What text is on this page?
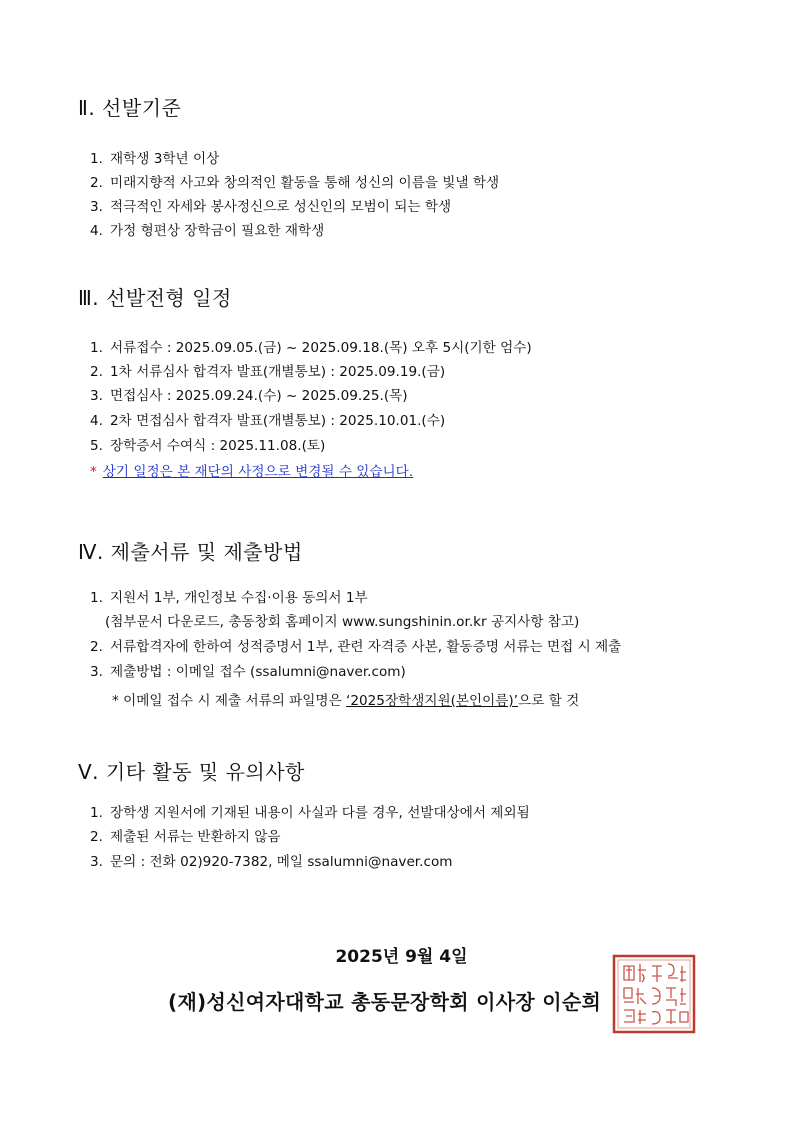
Ⅱ. 선발기준
1. 재학생 3학년 이상
2. 미래지향적 사고와 창의적인 활동을 통해 성신의 이름을 빛낼 학생
3. 적극적인 자세와 봉사정신으로 성신인의 모범이 되는 학생
4. 가정 형편상 장학금이 필요한 재학생
Ⅲ. 선발전형 일정
1. 서류접수 : 2025.09.05.(금) ~ 2025.09.18.(목) 오후 5시(기한 엄수)
2. 1차 서류심사 합격자 발표(개별통보) : 2025.09.19.(금)
3. 면접심사 : 2025.09.24.(수) ~ 2025.09.25.(목)
4. 2차 면접심사 합격자 발표(개별통보) : 2025.10.01.(수)
5. 장학증서 수여식 : 2025.11.08.(토)
* 상기 일정은 본 재단의 사정으로 변경될 수 있습니다.
Ⅳ. 제출서류 및 제출방법
1. 지원서 1부, 개인정보 수집·이용 동의서 1부
(첨부문서 다운로드, 총동창회 홈페이지 www.sungshinin.or.kr 공지사항 참고)
2. 서류합격자에 한하여 성적증명서 1부, 관련 자격증 사본, 활동증명 서류는 면접 시 제출
3. 제출방법 : 이메일 접수 (ssalumni@naver.com)
* 이메일 접수 시 제출 서류의 파일명은 ‘2025장학생지원(본인이름)’으로 할 것
Ⅴ. 기타 활동 및 유의사항
1. 장학생 지원서에 기재된 내용이 사실과 다를 경우, 선발대상에서 제외됨
2. 제출된 서류는 반환하지 않음
3. 문의 : 전화 02)920-7382, 메일 ssalumni@naver.com
2025년 9월 4일
(재)성신여자대학교 총동문장학회 이사장 이순희
